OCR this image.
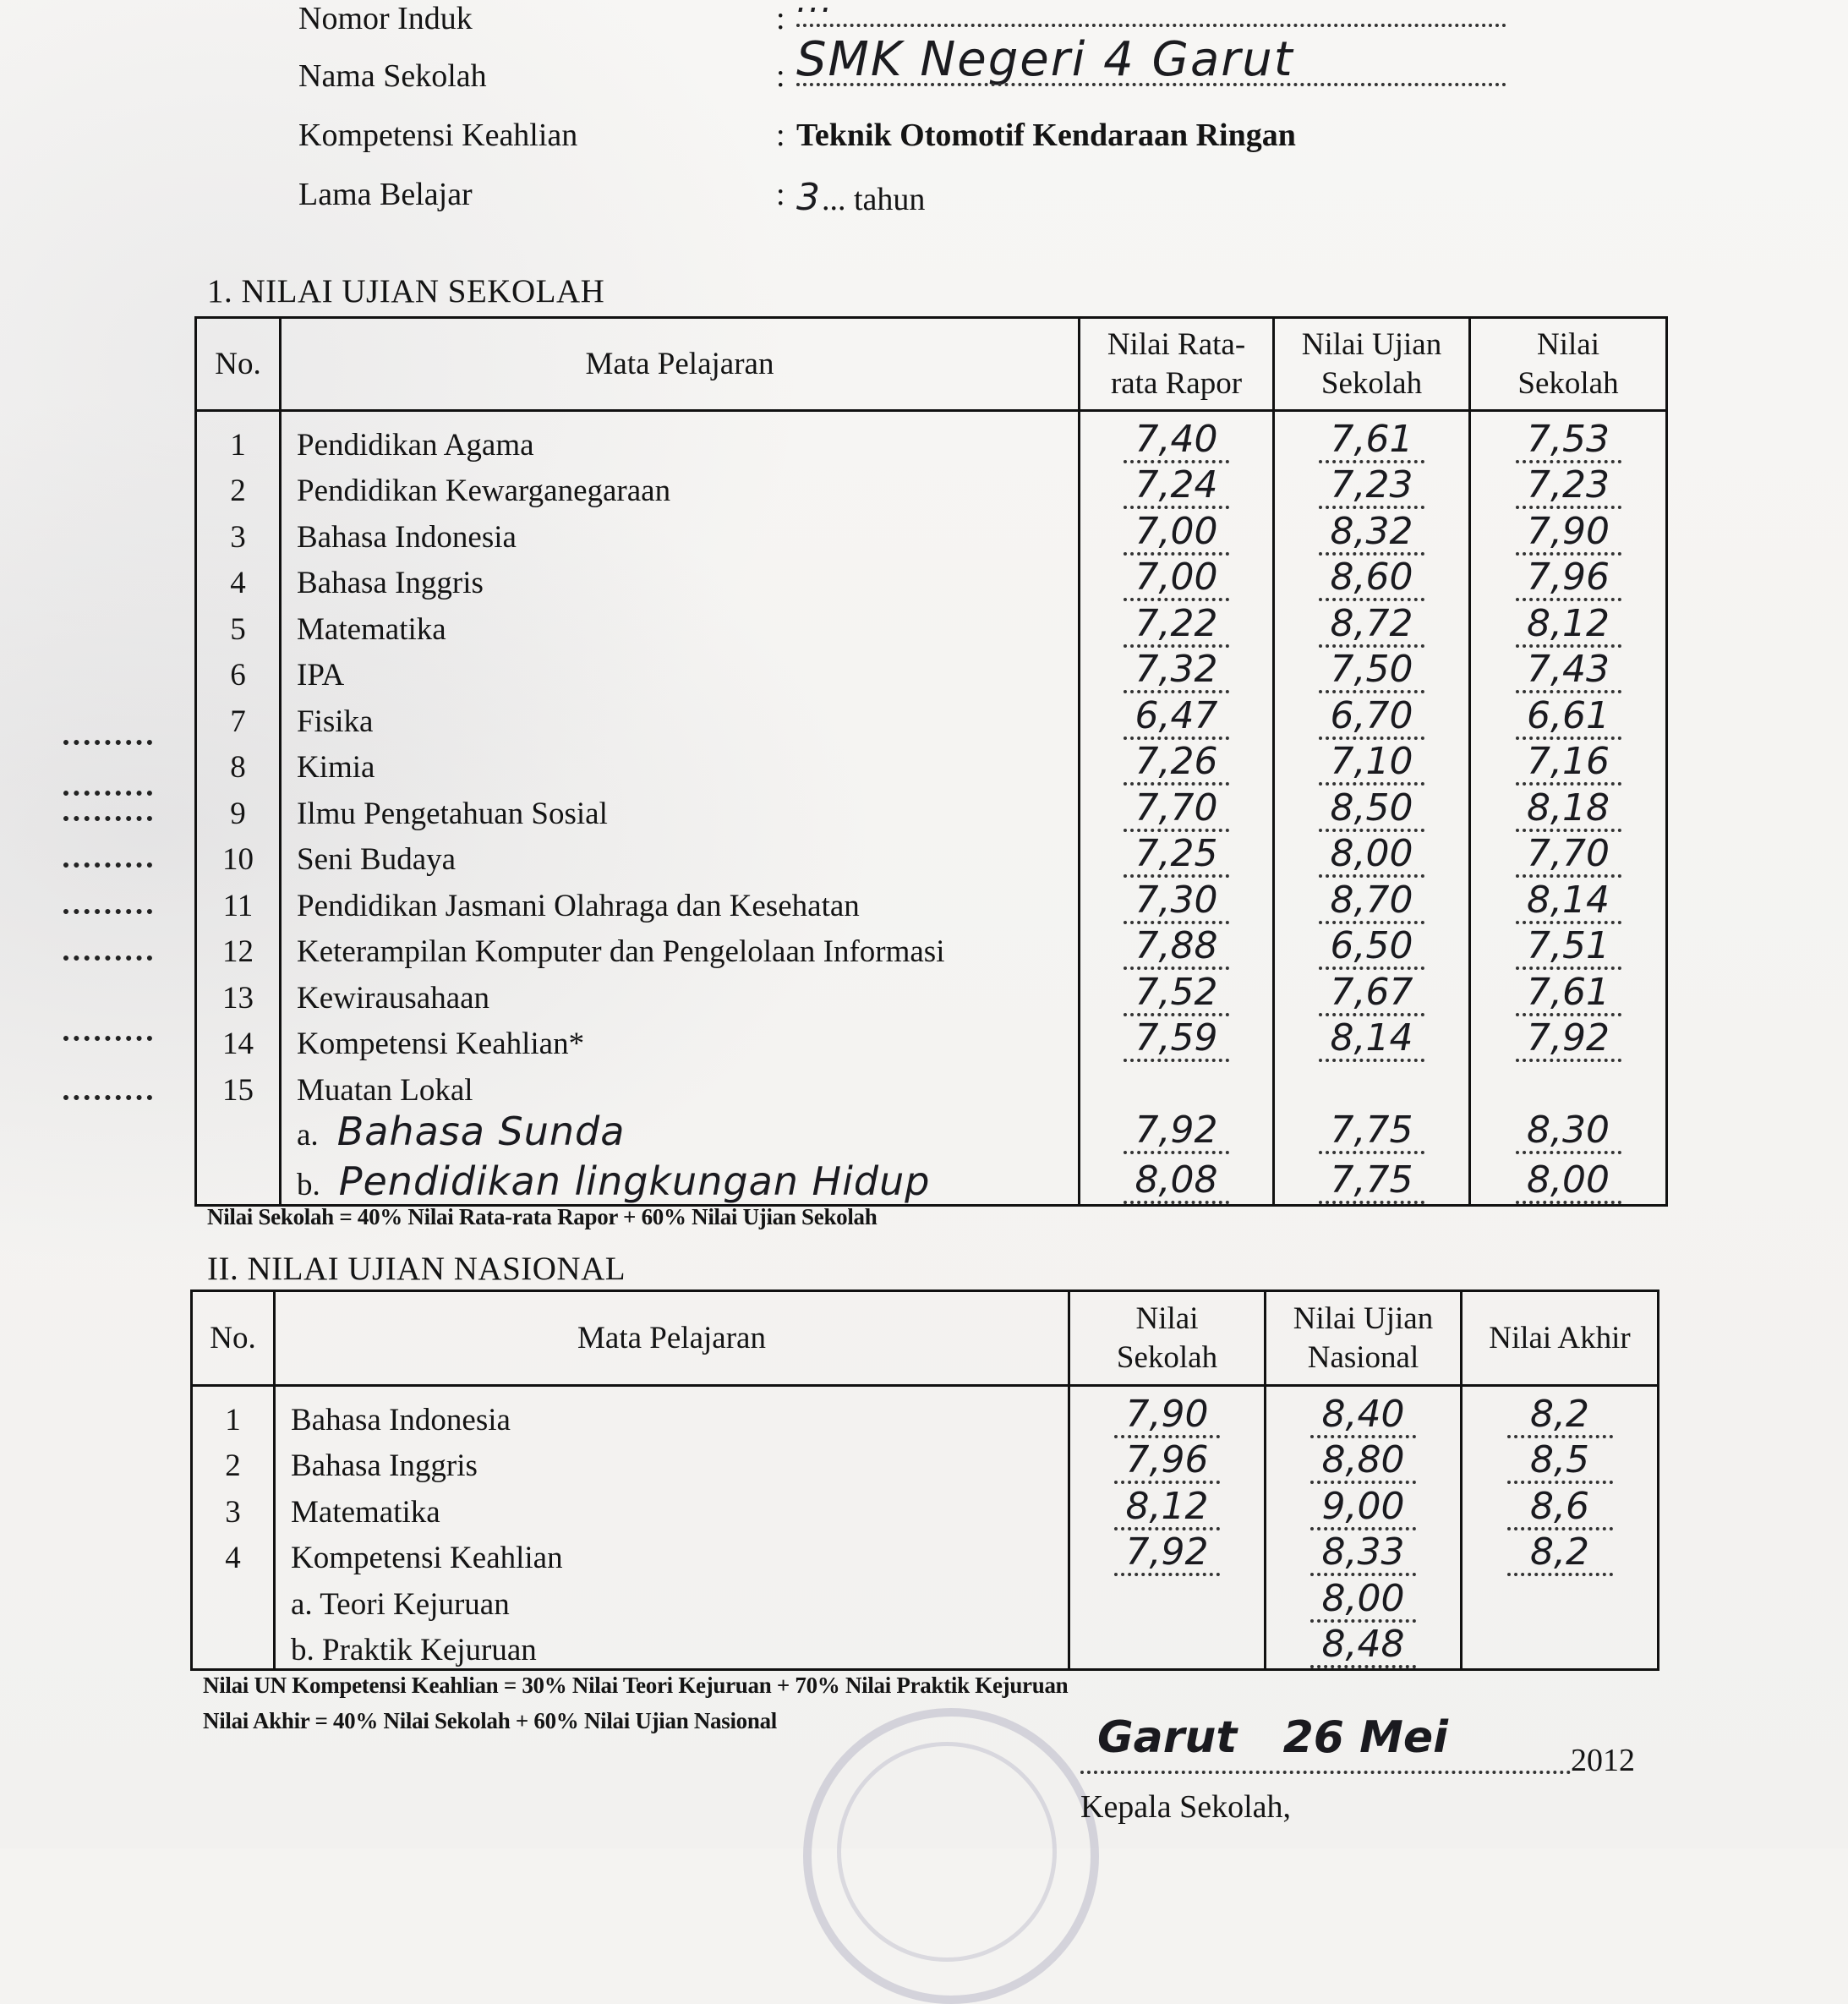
Nomor Induk	: ...
Nama Sekolah	: SMK Negeri 4 Garut
Kompetensi Keahlian	: Teknik Otomotif Kendaraan Ringan
Lama Belajar	: 3... tahun
1. NILAI UJIAN SEKOLAH
No.	Mata Pelajaran	Nilai Rata-rata Rapor	Nilai Ujian Sekolah	Nilai Sekolah
1	Pendidikan Agama	7,40	7,61	7,53
2	Pendidikan Kewarganegaraan	7,24	7,23	7,23
3	Bahasa Indonesia	7,00	8,32	7,90
4	Bahasa Inggris	7,00	8,60	7,96
5	Matematika	7,22	8,72	8,12
6	IPA	7,32	7,50	7,43
7	Fisika	6,47	6,70	6,61
8	Kimia	7,26	7,10	7,16
9	Ilmu Pengetahuan Sosial	7,70	8,50	8,18
10	Seni Budaya	7,25	8,00	7,70
11	Pendidikan Jasmani Olahraga dan Kesehatan	7,30	8,70	8,14
12	Keterampilan Komputer dan Pengelolaan Informasi	7,88	6,50	7,51
13	Kewirausahaan	7,52	7,67	7,61
14	Kompetensi Keahlian*	7,59	8,14	7,92
15	Muatan Lokal			
	a. Bahasa Sunda	7,92	7,75	8,30
	b. Pendidikan lingkungan Hidup	8,08	7,75	8,00
Nilai Sekolah = 40% Nilai Rata-rata Rapor + 60% Nilai Ujian Sekolah
II. NILAI UJIAN NASIONAL
No.	Mata Pelajaran	Nilai Sekolah	Nilai Ujian Nasional	Nilai Akhir
1	Bahasa Indonesia	7,90	8,40	8,2
2	Bahasa Inggris	7,96	8,80	8,5
3	Matematika	8,12	9,00	8,6
4	Kompetensi Keahlian	7,92	8,33	8,2
	a. Teori Kejuruan		8,00	
	b. Praktik Kejuruan		8,48	
Nilai UN Kompetensi Keahlian = 30% Nilai Teori Kejuruan + 70% Nilai Praktik Kejuruan
Nilai Akhir = 40% Nilai Sekolah + 60% Nilai Ujian Nasional	Garut   26 Mei	2012
Kepala Sekolah,
